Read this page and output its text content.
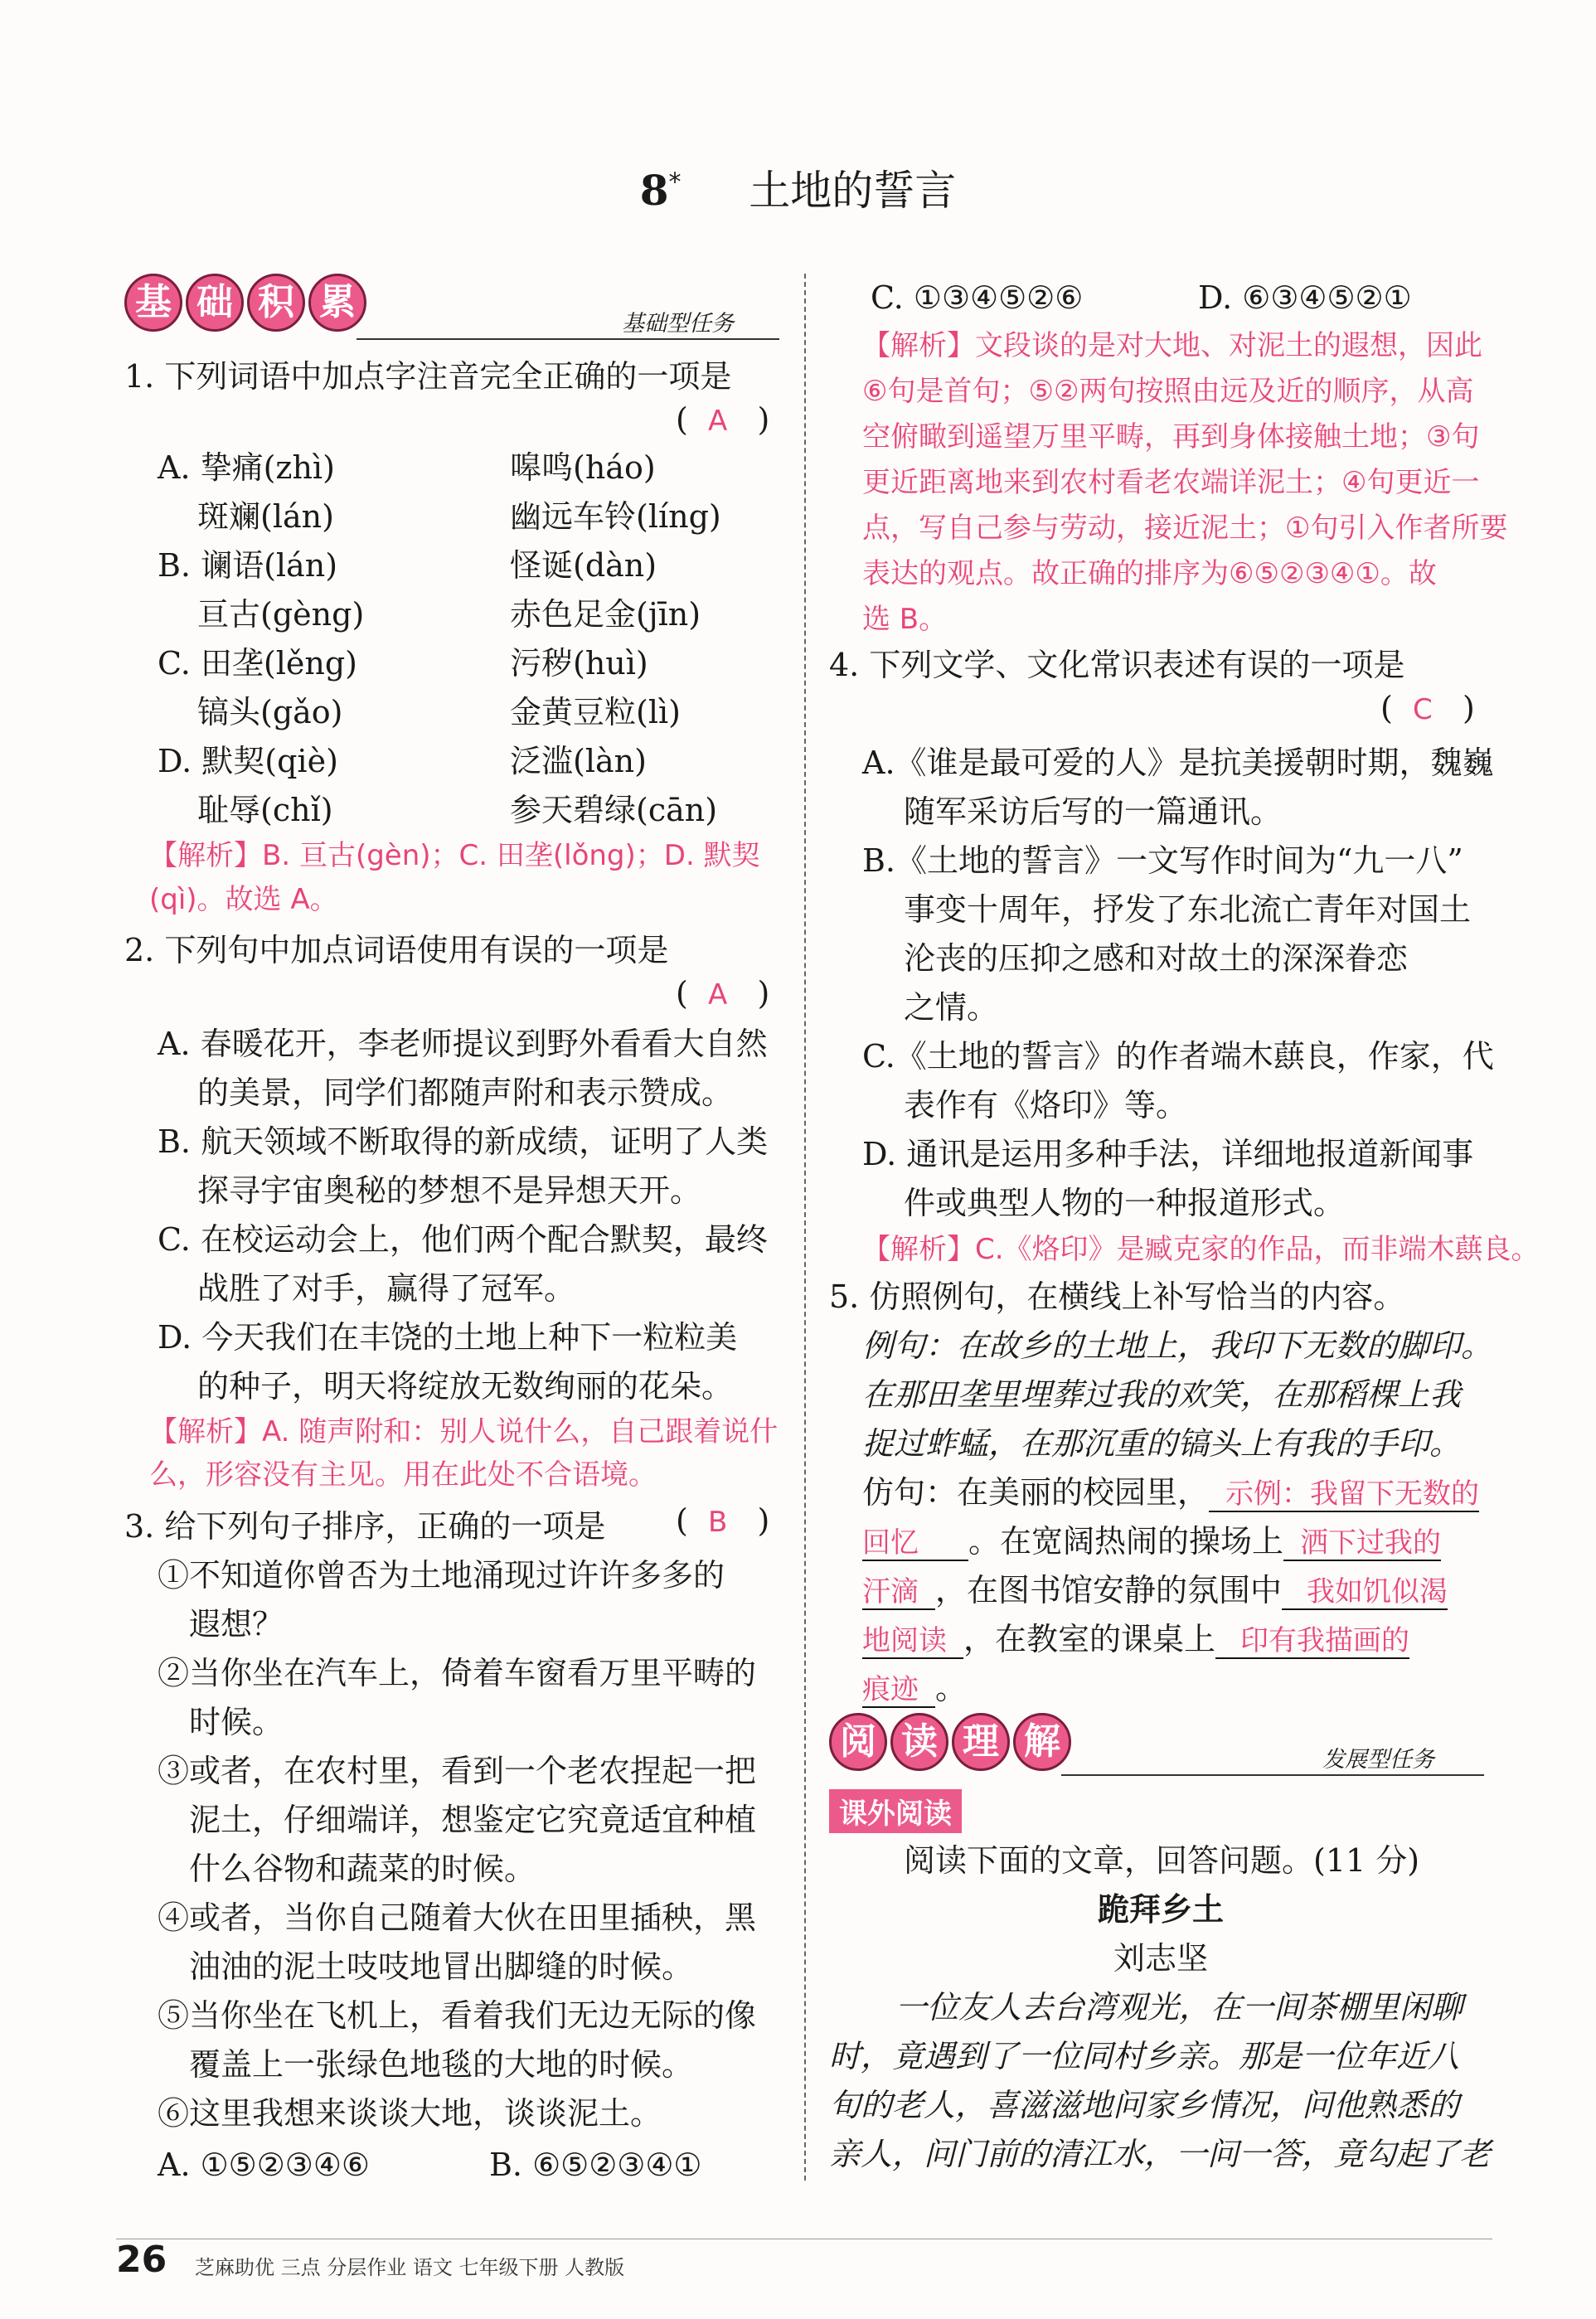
8* 土地的誓言
基 础 积 累
基础型任务
1. 下列词语中加点字注音完全正确的一项是
(  A   )
A. 挚痛(zhì)	嗥鸣(háo)
斑斓(lán)	幽远车铃(líng)
B. 谰语(lán)	怪诞(dàn)
亘古(gèng)	赤色足金(jīn)
C. 田垄(lěng)	污秽(huì)
镐头(gǎo)	金黄豆粒(lì)
D. 默契(qiè)	泛滥(làn)
耻辱(chǐ)	参天碧绿(cān)
【解析】B. 亘古(gèn)；C. 田垄(lǒng)；D. 默契
(qì)。故选 A。
2. 下列句中加点词语使用有误的一项是
(  A   )
A. 春暖花开，李老师提议到野外看看大自然
的美景，同学们都随声附和表示赞成。
B. 航天领域不断取得的新成绩，证明了人类
探寻宇宙奥秘的梦想不是异想天开。
C. 在校运动会上，他们两个配合默契，最终
战胜了对手，赢得了冠军。
D. 今天我们在丰饶的土地上种下一粒粒美
的种子，明天将绽放无数绚丽的花朵。
【解析】A. 随声附和：别人说什么，自己跟着说什
么，形容没有主见。用在此处不合语境。
3. 给下列句子排序，正确的一项是 (  B   )
①不知道你曾否为土地涌现过许许多多的
遐想？
②当你坐在汽车上，倚着车窗看万里平畴的
时候。
③或者，在农村里，看到一个老农捏起一把
泥土，仔细端详，想鉴定它究竟适宜种植
什么谷物和蔬菜的时候。
④或者，当你自己随着大伙在田里插秧，黑
油油的泥土吱吱地冒出脚缝的时候。
⑤当你坐在飞机上，看着我们无边无际的像
覆盖上一张绿色地毯的大地的时候。
⑥这里我想来谈谈大地，谈谈泥土。
A. ①⑤②③④⑥	B. ⑥⑤②③④①
C. ①③④⑤②⑥	D. ⑥③④⑤②①
【解析】文段谈的是对大地、对泥土的遐想，因此
⑥句是首句；⑤②两句按照由远及近的顺序，从高
空俯瞰到遥望万里平畴，再到身体接触土地；③句
更近距离地来到农村看老农端详泥土；④句更近一
点，写自己参与劳动，接近泥土；①句引入作者所要
表达的观点。故正确的排序为⑥⑤②③④①。故
选 B。
4. 下列文学、文化常识表述有误的一项是
(  C   )
A.《谁是最可爱的人》是抗美援朝时期，魏巍
随军采访后写的一篇通讯。
B.《土地的誓言》一文写作时间为“九一八”
事变十周年，抒发了东北流亡青年对国土
沦丧的压抑之感和对故土的深深眷恋
之情。
C.《土地的誓言》的作者端木蕻良，作家，代
表作有《烙印》等。
D. 通讯是运用多种手法，详细地报道新闻事
件或典型人物的一种报道形式。
【解析】C.《烙印》是臧克家的作品，而非端木蕻良。
5. 仿照例句，在横线上补写恰当的内容。
例句：在故乡的土地上，我印下无数的脚印。
在那田垄里埋葬过我的欢笑，在那稻棵上我
捉过蚱蜢，在那沉重的镐头上有我的手印。
仿句：在美丽的校园里， 示例：我留下无数的
回忆 。在宽阔热闹的操场上 洒下过我的
汗滴 ，在图书馆安静的氛围中 我如饥似渴
地阅读 ，在教室的课桌上 印有我描画的
痕迹 。
阅 读 理 解	发展型任务
课外阅读
阅读下面的文章，回答问题。(11 分)
跪拜乡土
刘志坚
一位友人去台湾观光，在一间茶棚里闲聊
时，竟遇到了一位同村乡亲。那是一位年近八
旬的老人，喜滋滋地问家乡情况，问他熟悉的
亲人，问门前的清江水，一问一答，竟勾起了老
26 芝麻助优 三点 分层作业 语文 七年级下册 人教版
